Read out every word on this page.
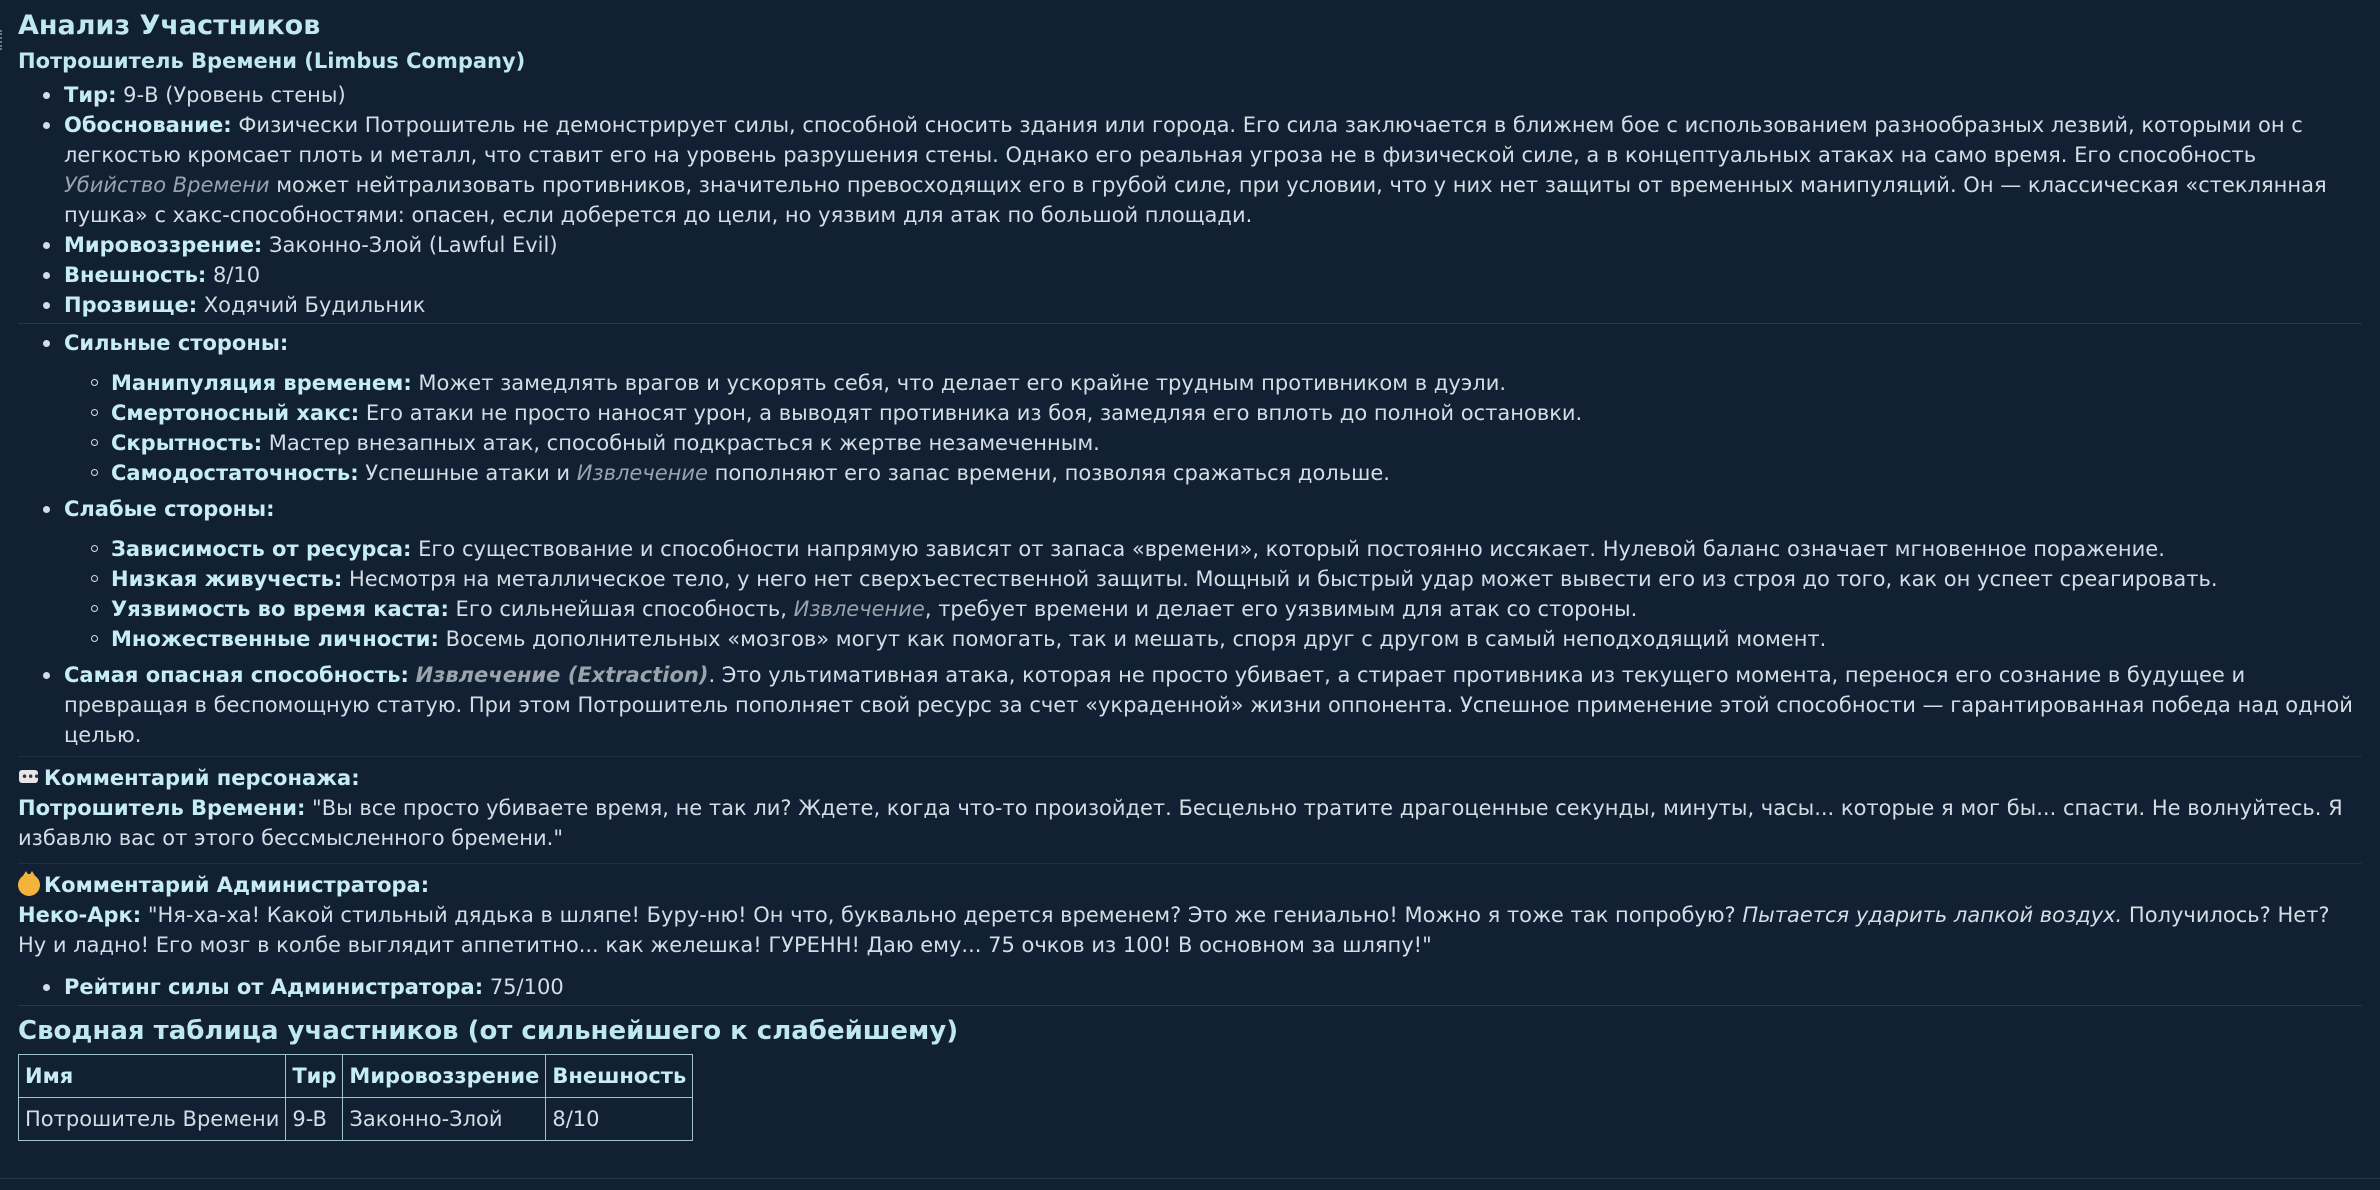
Анализ Участников
Потрошитель Времени (Limbus Company)
Тир: 9-B (Уровень стены)
Обоснование: Физически Потрошитель не демонстрирует силы, способной сносить здания или города. Его сила заключается в ближнем бое с использованием разнообразных лезвий, которыми он с легкостью кромсает плоть и металл, что ставит его на уровень разрушения стены. Однако его реальная угроза не в физической силе, а в концептуальных атаках на само время. Его способность Убийство Времени может нейтрализовать противников, значительно превосходящих его в грубой силе, при условии, что у них нет защиты от временных манипуляций. Он — классическая «стеклянная пушка» с хакс-способностями: опасен, если доберется до цели, но уязвим для атак по большой площади.
Мировоззрение: Законно-Злой (Lawful Evil)
Внешность: 8/10
Прозвище: Ходячий Будильник
Сильные стороны:
Манипуляция временем: Может замедлять врагов и ускорять себя, что делает его крайне трудным противником в дуэли.
Смертоносный хакс: Его атаки не просто наносят урон, а выводят противника из боя, замедляя его вплоть до полной остановки.
Скрытность: Мастер внезапных атак, способный подкрасться к жертве незамеченным.
Самодостаточность: Успешные атаки и Извлечение пополняют его запас времени, позволяя сражаться дольше.
Слабые стороны:
Зависимость от ресурса: Его существование и способности напрямую зависят от запаса «времени», который постоянно иссякает. Нулевой баланс означает мгновенное поражение.
Низкая живучесть: Несмотря на металлическое тело, у него нет сверхъестественной защиты. Мощный и быстрый удар может вывести его из строя до того, как он успеет среагировать.
Уязвимость во время каста: Его сильнейшая способность, Извлечение, требует времени и делает его уязвимым для атак со стороны.
Множественные личности: Восемь дополнительных «мозгов» могут как помогать, так и мешать, споря друг с другом в самый неподходящий момент.
Самая опасная способность: Извлечение (Extraction). Это ультимативная атака, которая не просто убивает, а стирает противника из текущего момента, перенося его сознание в будущее и превращая в беспомощную статую. При этом Потрошитель пополняет свой ресурс за счет «украденной» жизни оппонента. Успешное применение этой способности — гарантированная победа над одной целью.
•••
Комментарий персонажа:
Потрошитель Времени: "Вы все просто убиваете время, не так ли? Ждете, когда что-то произойдет. Бесцельно тратите драгоценные секунды, минуты, часы... которые я мог бы... спасти. Не волнуйтесь. Я избавлю вас от этого бессмысленного бремени."
Комментарий Администратора:
Неко-Арк: "Ня-ха-ха! Какой стильный дядька в шляпе! Буру-ню! Он что, буквально дерется временем? Это же гениально! Можно я тоже так попробую? Пытается ударить лапкой воздух. Получилось? Нет? Ну и ладно! Его мозг в колбе выглядит аппетитно... как желешка! ГУРЕНН! Даю ему... 75 очков из 100! В основном за шляпу!"
Рейтинг силы от Администратора: 75/100
Сводная таблица участников (от сильнейшего к слабейшему)
Имя	Тир	Мировоззрение	Внешность
Потрошитель Времени	9-B	Законно-Злой	8/10
